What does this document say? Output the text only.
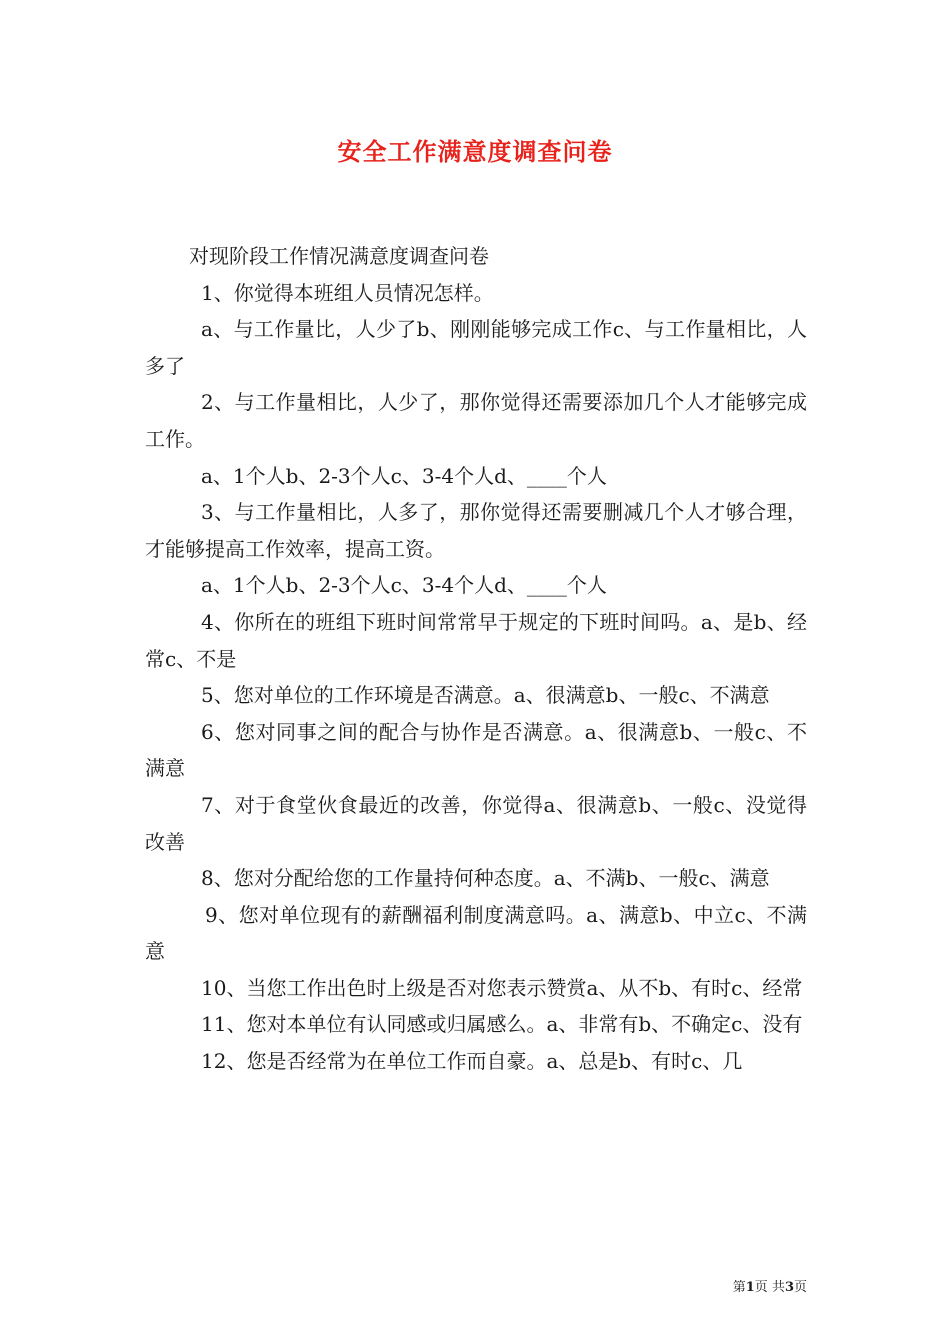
安全工作满意度调查问卷

对现阶段工作情况满意度调查问卷

1、你觉得本班组人员情况怎样。

a、与工作量比，人少了b、刚刚能够完成工作c、与工作量相比，人多了

2、与工作量相比，人少了，那你觉得还需要添加几个人才能够完成工作。

a、1个人b、2-3个人c、3-4个人d、____个人

3、与工作量相比，人多了，那你觉得还需要删减几个人才够合理，才能够提高工作效率，提高工资。

a、1个人b、2-3个人c、3-4个人d、____个人

4、你所在的班组下班时间常常早于规定的下班时间吗。a、是b、经常c、不是

5、您对单位的工作环境是否满意。a、很满意b、一般c、不满意

6、您对同事之间的配合与协作是否满意。a、很满意b、一般c、不满意

7、对于食堂伙食最近的改善，你觉得a、很满意b、一般c、没觉得改善

8、您对分配给您的工作量持何种态度。a、不满b、一般c、满意

9、您对单位现有的薪酬福利制度满意吗。a、满意b、中立c、不满意

10、当您工作出色时上级是否对您表示赞赏a、从不b、有时c、经常

11、您对本单位有认同感或归属感么。a、非常有b、不确定c、没有

12、您是否经常为在单位工作而自豪。a、总是b、有时c、几

第1页 共3页
